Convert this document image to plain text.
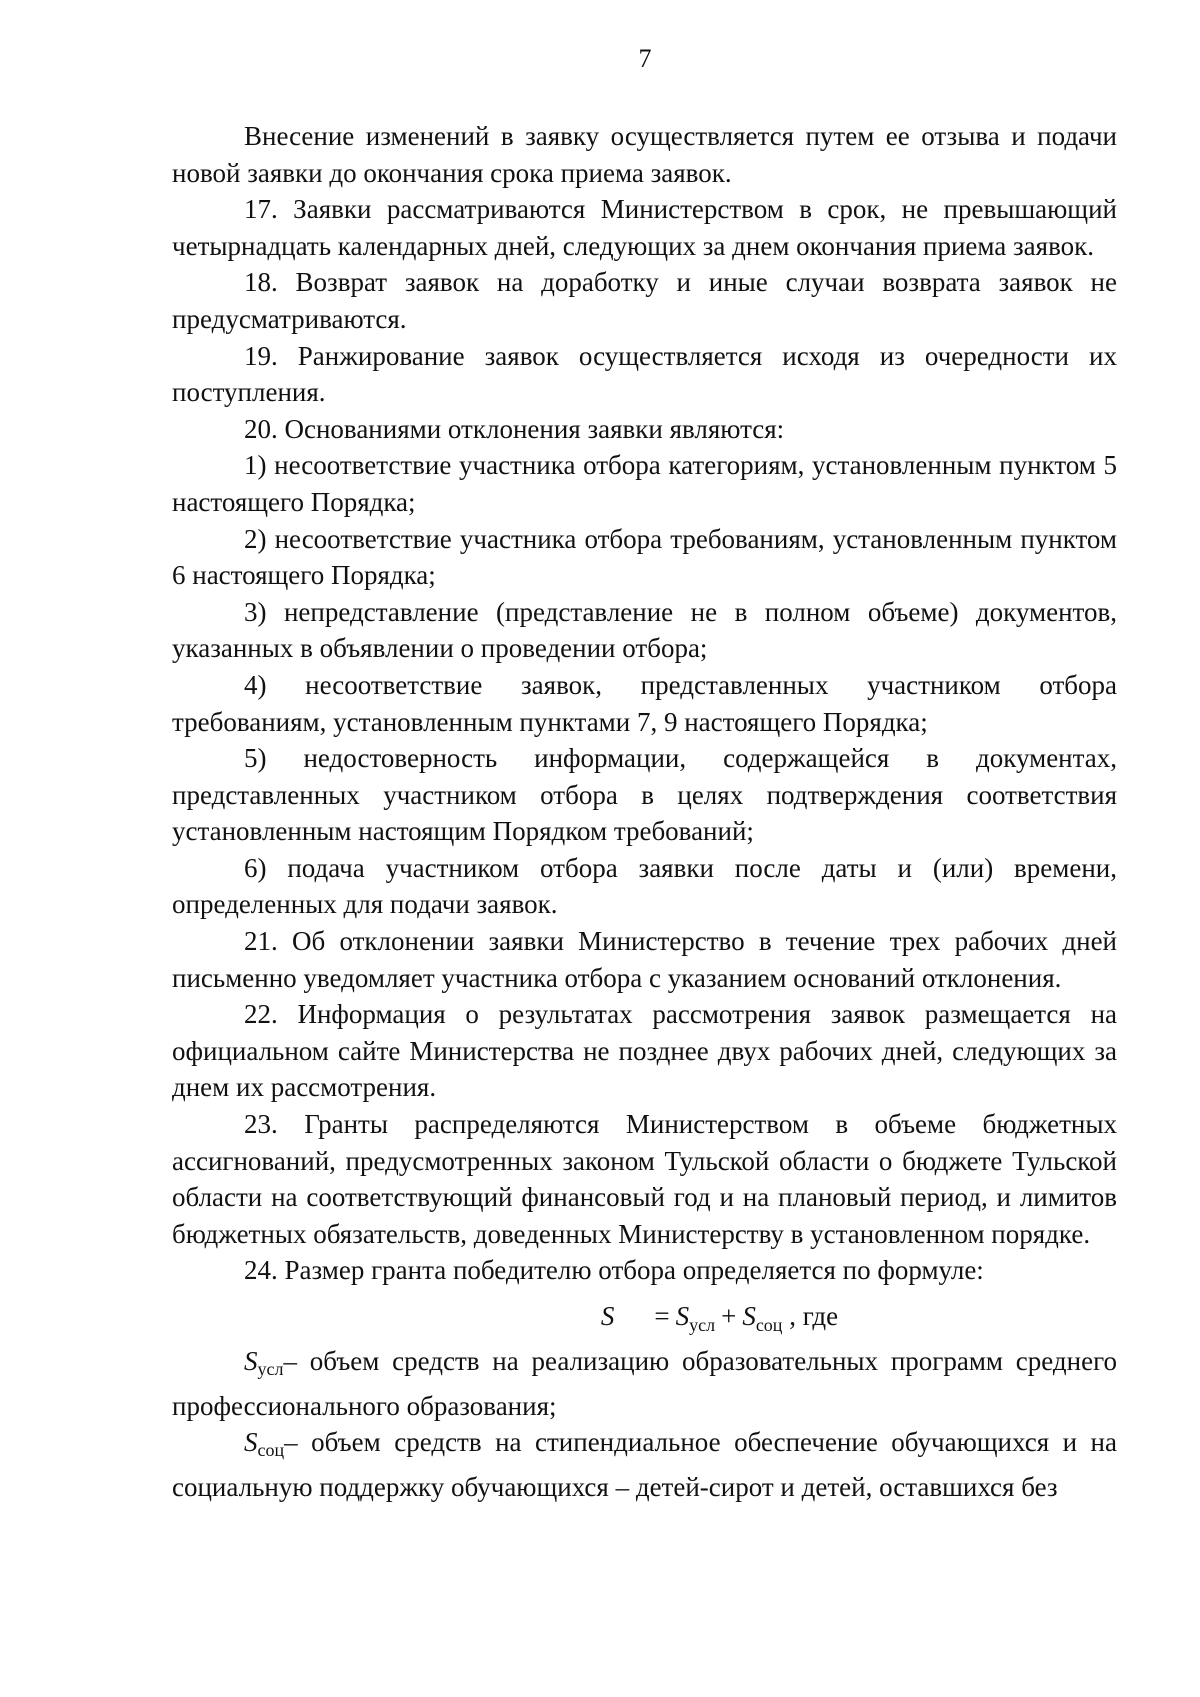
7

Внесение изменений в заявку осуществляется путем ее отзыва и подачи новой заявки до окончания срока приема заявок.

17. Заявки рассматриваются Министерством в срок, не превышающий четырнадцать календарных дней, следующих за днем окончания приема заявок.

18. Возврат заявок на доработку и иные случаи возврата заявок не предусматриваются.

19. Ранжирование заявок осуществляется исходя из очередности их поступления.

20. Основаниями отклонения заявки являются:

1) несоответствие участника отбора категориям, установленным пунктом 5 настоящего Порядка;

2) несоответствие участника отбора требованиям, установленным пунктом 6 настоящего Порядка;

3) непредставление (представление не в полном объеме) документов, указанных в объявлении о проведении отбора;

4) несоответствие заявок, представленных участником отбора требованиям, установленным пунктами 7, 9 настоящего Порядка;

5) недостоверность информации, содержащейся в документах, представленных участником отбора в целях подтверждения соответствия установленным настоящим Порядком требований;

6) подача участником отбора заявки после даты и (или) времени, определенных для подачи заявок.

21. Об отклонении заявки Министерство в течение трех рабочих дней письменно уведомляет участника отбора с указанием оснований отклонения.

22. Информация о результатах рассмотрения заявок размещается на официальном сайте Министерства не позднее двух рабочих дней, следующих за днем их рассмотрения.

23. Гранты распределяются Министерством в объеме бюджетных ассигнований, предусмотренных законом Тульской области о бюджете Тульской области на соответствующий финансовый год и на плановый период, и лимитов бюджетных обязательств, доведенных Министерству в установленном порядке.

24. Размер гранта победителю отбора определяется по формуле:

$S = S_{усл} + S_{соц}$ , где

Sусл– объем средств на реализацию образовательных программ среднего профессионального образования;

Sсоц– объем средств на стипендиальное обеспечение обучающихся и на социальную поддержку обучающихся – детей-сирот и детей, оставшихся без
